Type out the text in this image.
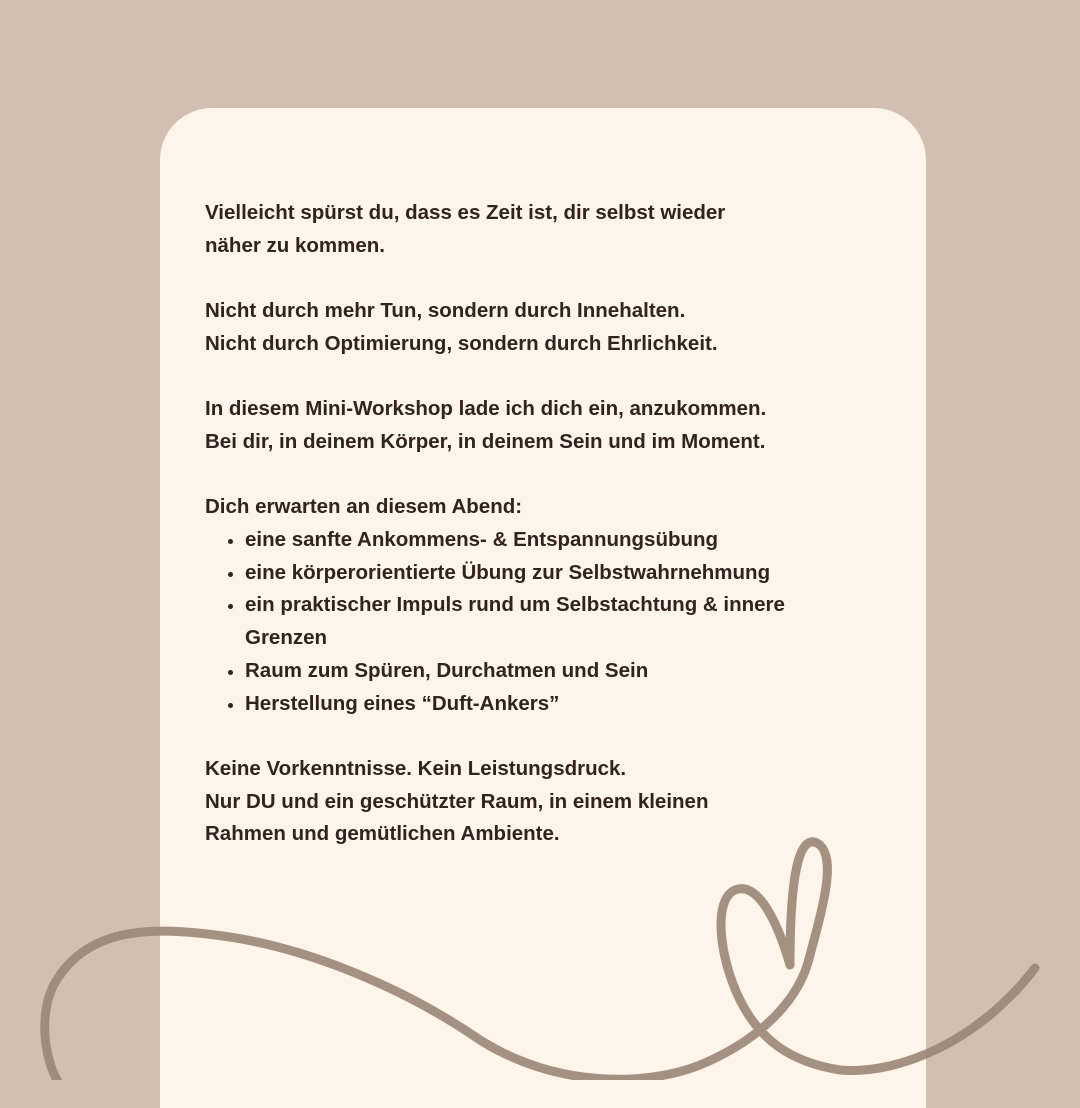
Vielleicht spürst du, dass es Zeit ist, dir selbst wieder
näher zu kommen.

Nicht durch mehr Tun, sondern durch Innehalten.
Nicht durch Optimierung, sondern durch Ehrlichkeit.

In diesem Mini-Workshop lade ich dich ein, anzukommen.
Bei dir, in deinem Körper, in deinem Sein und im Moment.

Dich erwarten an diesem Abend:
• eine sanfte Ankommens- & Entspannungsübung
• eine körperorientierte Übung zur Selbstwahrnehmung
• ein praktischer Impuls rund um Selbstachtung & innere Grenzen
• Raum zum Spüren, Durchatmen und Sein
• Herstellung eines “Duft-Ankers”

Keine Vorkenntnisse. Kein Leistungsdruck.
Nur DU und ein geschützter Raum, in einem kleinen
Rahmen und gemütlichen Ambiente.
